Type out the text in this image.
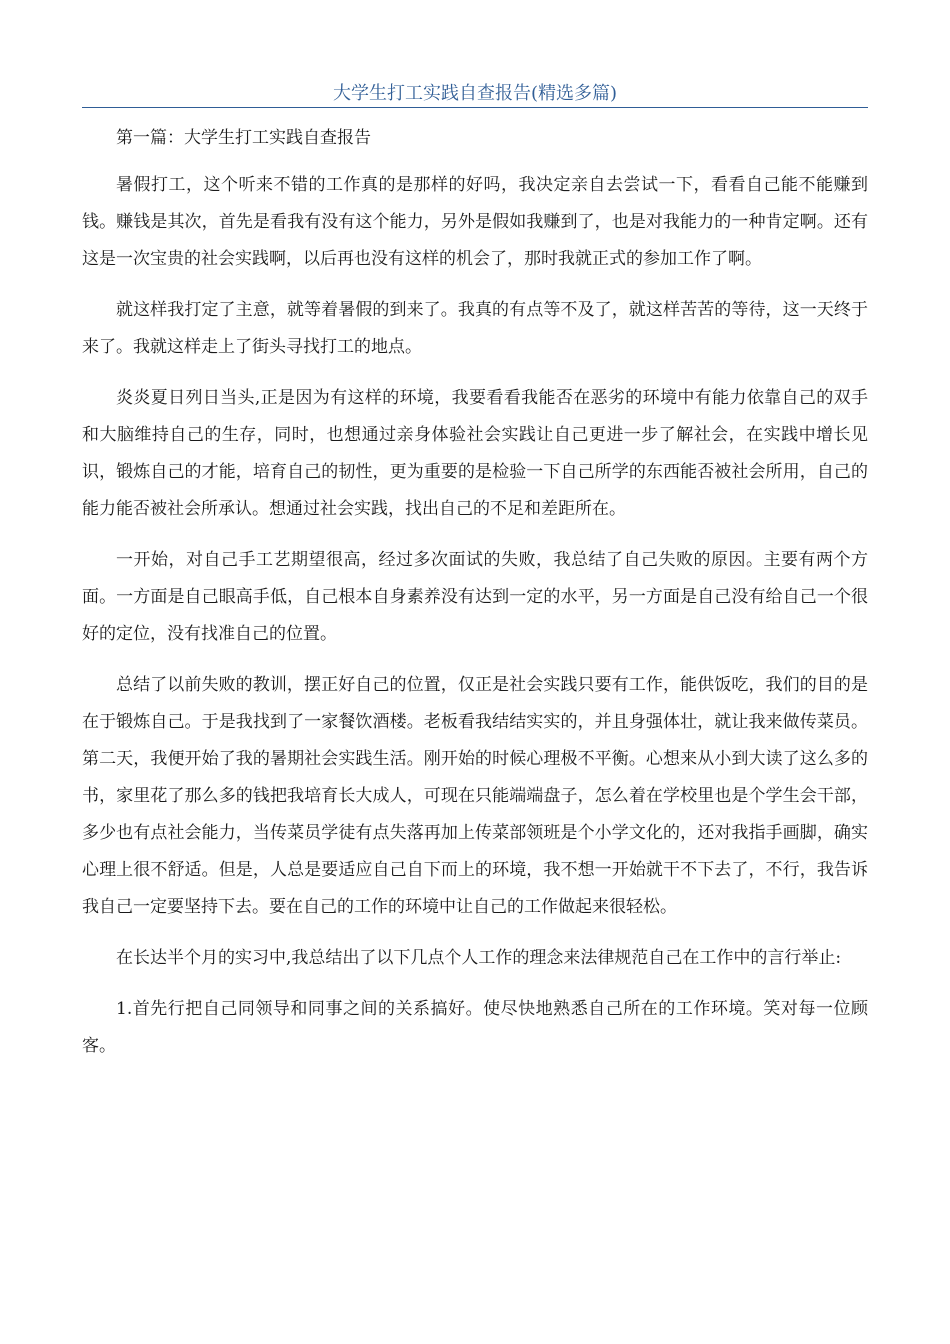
大学生打工实践自查报告(精选多篇)

第一篇：大学生打工实践自查报告

暑假打工，这个听来不错的工作真的是那样的好吗，我决定亲自去尝试一下，看看自己能不能赚到钱。赚钱是其次，首先是看我有没有这个能力，另外是假如我赚到了，也是对我能力的一种肯定啊。还有这是一次宝贵的社会实践啊，以后再也没有这样的机会了，那时我就正式的参加工作了啊。

就这样我打定了主意，就等着暑假的到来了。我真的有点等不及了，就这样苦苦的等待，这一天终于来了。我就这样走上了街头寻找打工的地点。

炎炎夏日列日当头,正是因为有这样的环境，我要看看我能否在恶劣的环境中有能力依靠自己的双手和大脑维持自己的生存，同时，也想通过亲身体验社会实践让自己更进一步了解社会，在实践中增长见识，锻炼自己的才能，培育自己的韧性，更为重要的是检验一下自己所学的东西能否被社会所用，自己的能力能否被社会所承认。想通过社会实践，找出自己的不足和差距所在。

一开始，对自己手工艺期望很高，经过多次面试的失败，我总结了自己失败的原因。主要有两个方面。一方面是自己眼高手低，自己根本自身素养没有达到一定的水平，另一方面是自己没有给自己一个很好的定位，没有找准自己的位置。

总结了以前失败的教训，摆正好自己的位置，仅正是社会实践只要有工作，能供饭吃，我们的目的是在于锻炼自己。于是我找到了一家餐饮酒楼。老板看我结结实实的，并且身强体壮，就让我来做传菜员。第二天，我便开始了我的暑期社会实践生活。刚开始的时候心理极不平衡。心想来从小到大读了这么多的书，家里花了那么多的钱把我培育长大成人，可现在只能端端盘子，怎么着在学校里也是个学生会干部，多少也有点社会能力，当传菜员学徒有点失落再加上传菜部领班是个小学文化的，还对我指手画脚，确实心理上很不舒适。但是，人总是要适应自己自下而上的环境，我不想一开始就干不下去了，不行，我告诉我自己一定要坚持下去。要在自己的工作的环境中让自己的工作做起来很轻松。

在长达半个月的实习中,我总结出了以下几点个人工作的理念来法律规范自己在工作中的言行举止:

1.首先行把自己同领导和同事之间的关系搞好。使尽快地熟悉自己所在的工作环境。笑对每一位顾客。
